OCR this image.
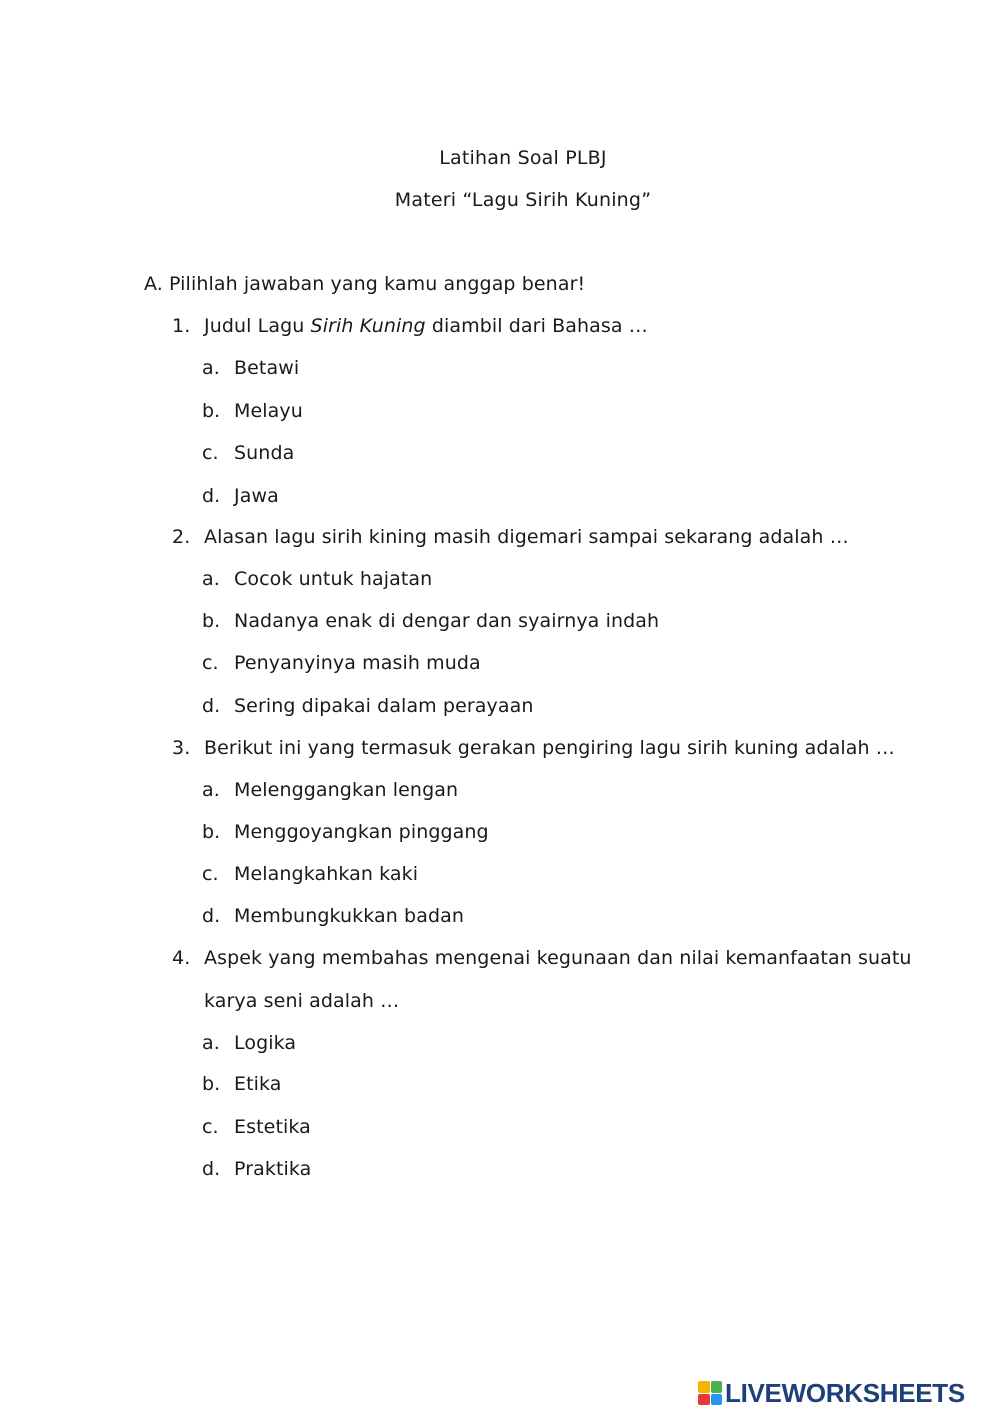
Latihan Soal PLBJ
Materi “Lagu Sirih Kuning”
A. Pilihlah jawaban yang kamu anggap benar!
1. Judul Lagu Sirih Kuning diambil dari Bahasa …
a. Betawi
b. Melayu
c. Sunda
d. Jawa
2. Alasan lagu sirih kining masih digemari sampai sekarang adalah …
a. Cocok untuk hajatan
b. Nadanya enak di dengar dan syairnya indah
c. Penyanyinya masih muda
d. Sering dipakai dalam perayaan
3. Berikut ini yang termasuk gerakan pengiring lagu sirih kuning adalah …
a. Melenggangkan lengan
b. Menggoyangkan pinggang
c. Melangkahkan kaki
d. Membungkukkan badan
4. Aspek yang membahas mengenai kegunaan dan nilai kemanfaatan suatu
karya seni adalah …
a. Logika
b. Etika
c. Estetika
d. Praktika
LIVEWORKSHEETS
